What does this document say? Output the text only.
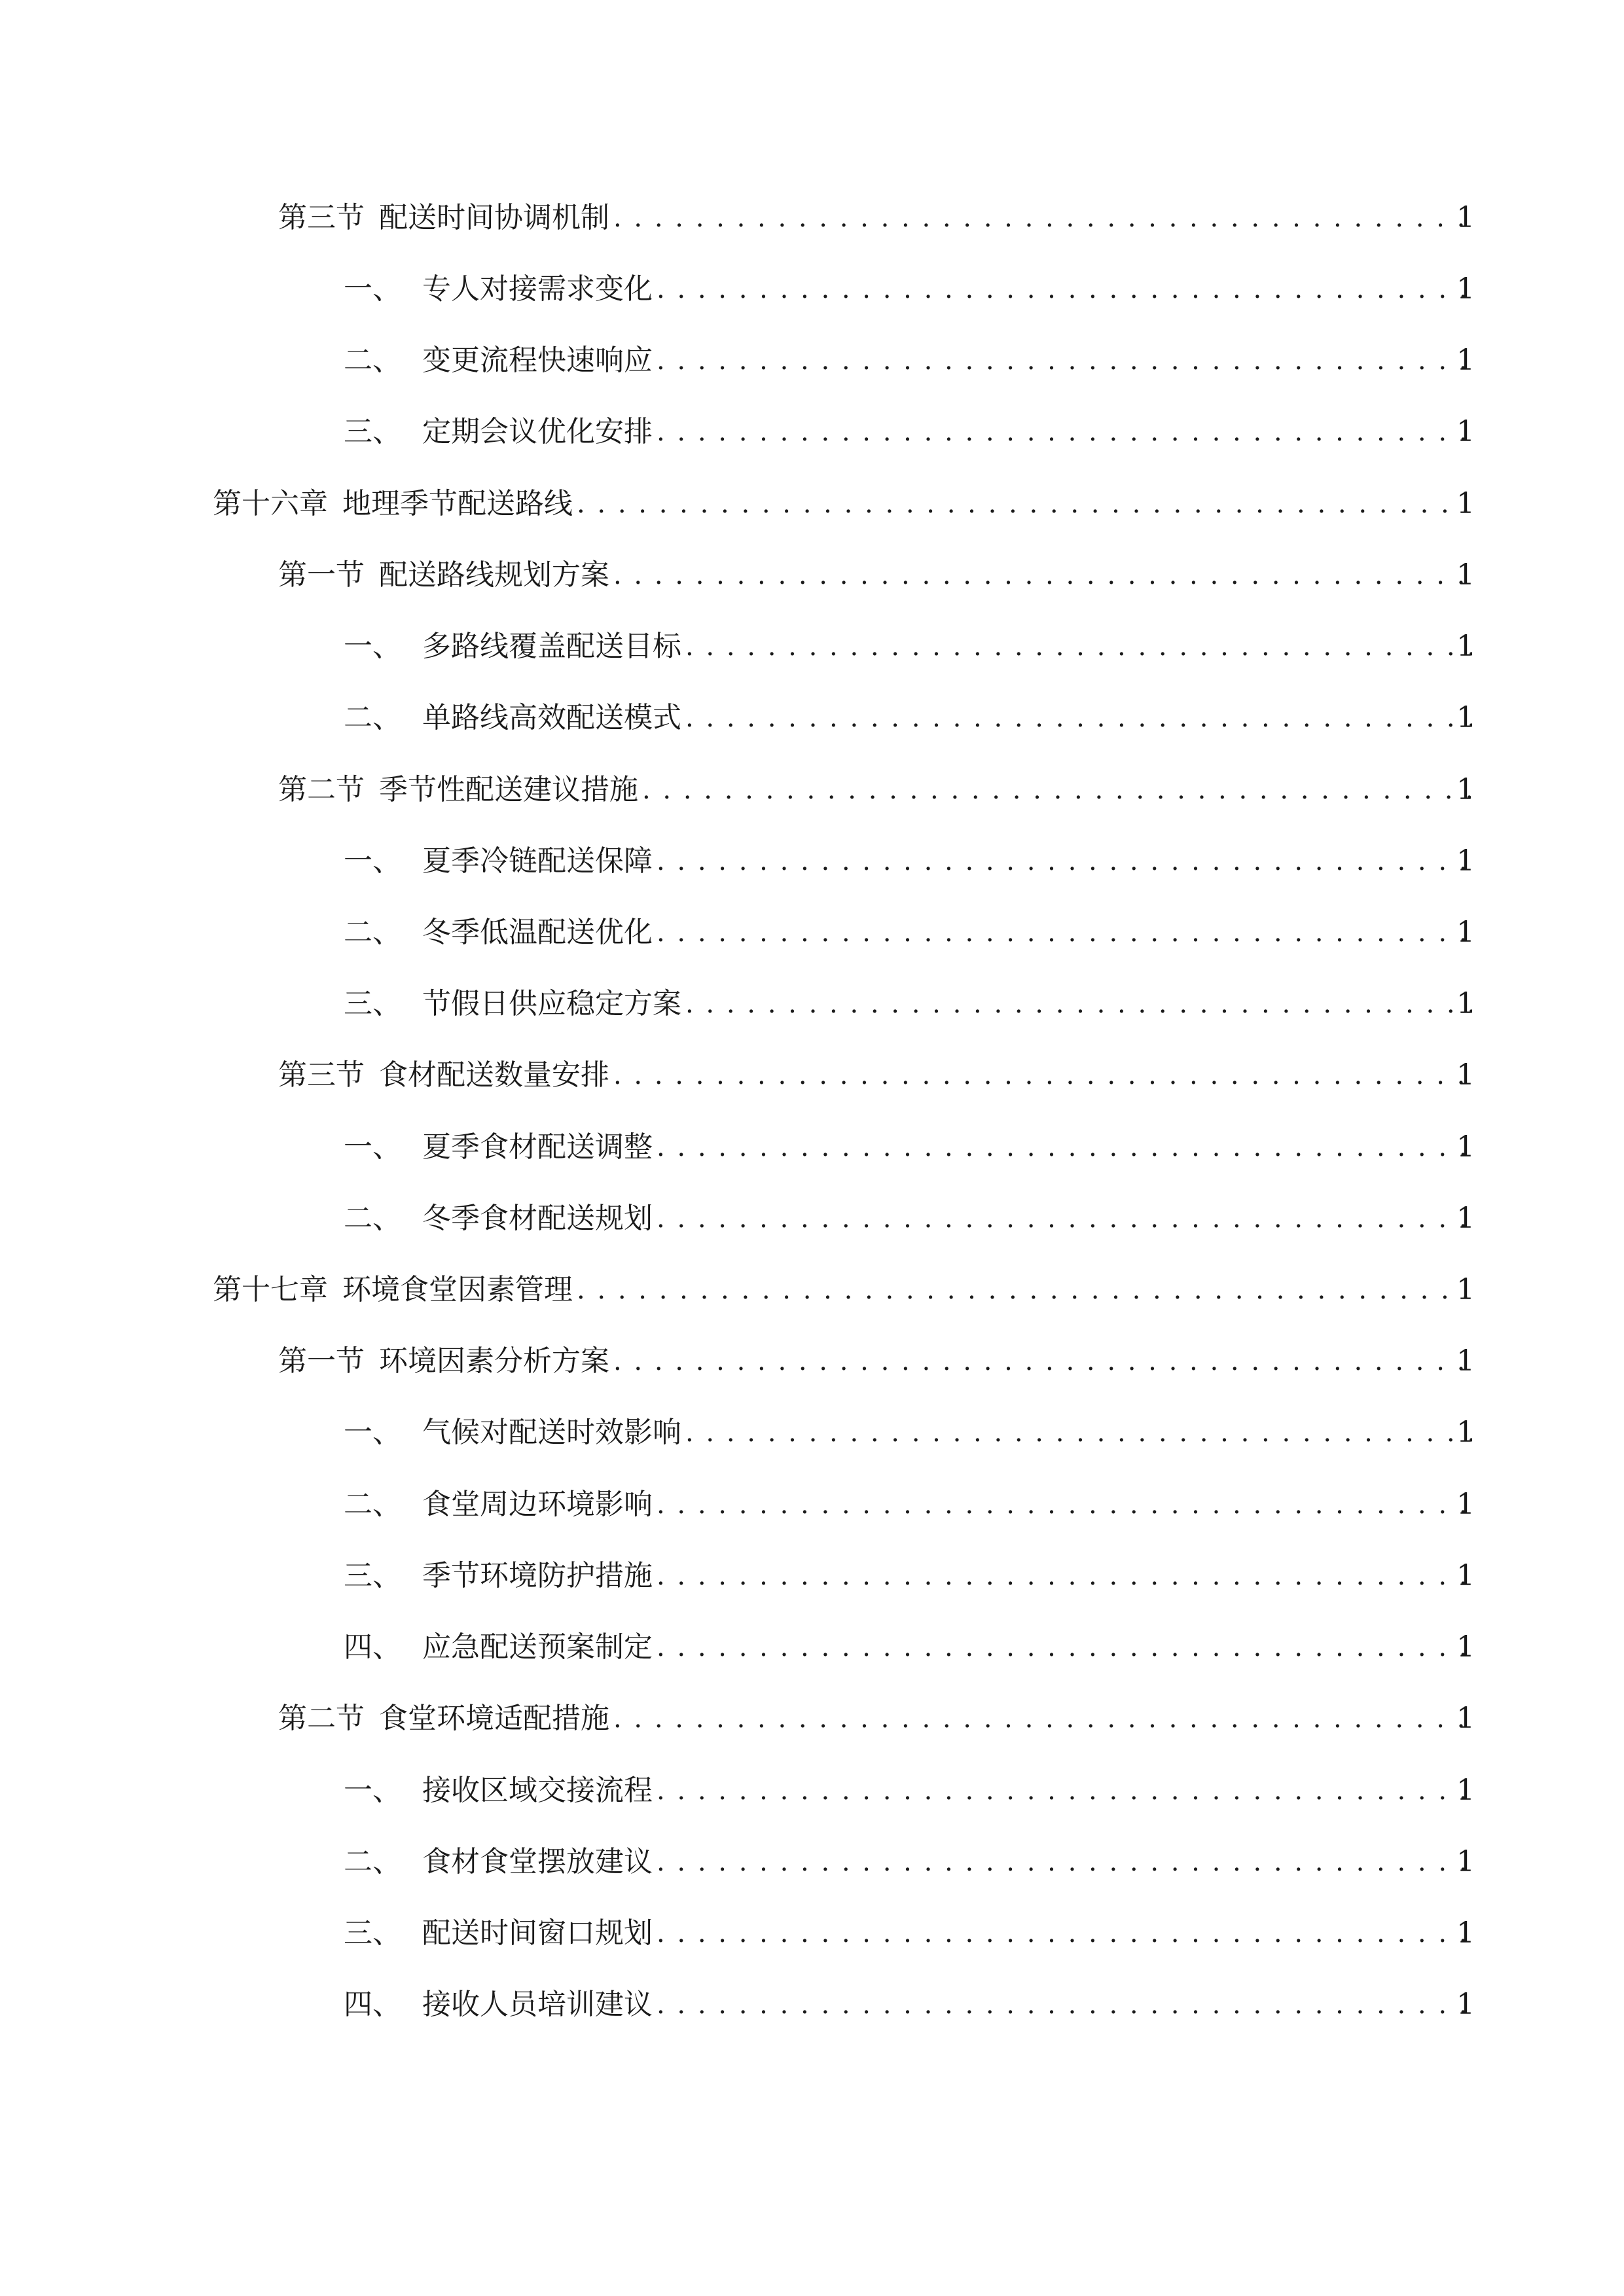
第三节 配送时间协调机制 . . .	1
一、 专人对接需求变化 . . .	1
二、 变更流程快速响应 . . .	1
三、 定期会议优化安排 . . .	1
第十六章 地理季节配送路线 . . .	1
第一节 配送路线规划方案 . . .	1
一、 多路线覆盖配送目标 . . .	1
二、 单路线高效配送模式 . . .	1
第二节 季节性配送建议措施 . . .	1
一、 夏季冷链配送保障 . . .	1
二、 冬季低温配送优化 . . .	1
三、 节假日供应稳定方案 . . .	1
第三节 食材配送数量安排 . . .	1
一、 夏季食材配送调整 . . .	1
二、 冬季食材配送规划 . . .	1
第十七章 环境食堂因素管理 . . .	1
第一节 环境因素分析方案 . . .	1
一、 气候对配送时效影响 . . .	1
二、 食堂周边环境影响 . . .	1
三、 季节环境防护措施 . . .	1
四、 应急配送预案制定 . . .	1
第二节 食堂环境适配措施 . . .	1
一、 接收区域交接流程 . . .	1
二、 食材食堂摆放建议 . . .	1
三、 配送时间窗口规划 . . .	1
四、 接收人员培训建议 . . .	1
